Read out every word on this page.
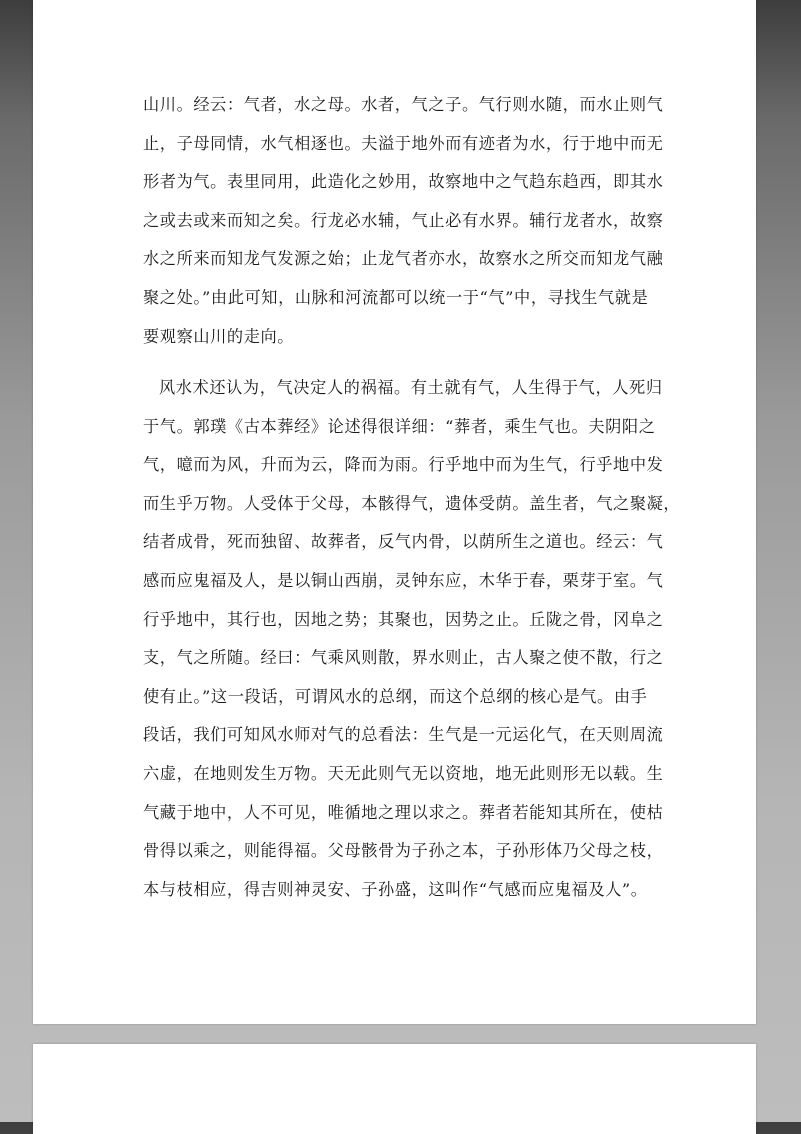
山川。经云：气者，水之母。水者，气之子。气行则水随，而水止则气
止，子母同情，水气相逐也。夫溢于地外而有迹者为水，行于地中而无
形者为气。表里同用，此造化之妙用，故察地中之气趋东趋西，即其水
之或去或来而知之矣。行龙必水辅，气止必有水界。辅行龙者水，故察
水之所来而知龙气发源之始；止龙气者亦水，故察水之所交而知龙气融
聚之处。”由此可知，山脉和河流都可以统一于“气”中，寻找生气就是
要观察山川的走向。
风水术还认为，气决定人的祸福。有土就有气，人生得于气，人死归
于气。郭璞《古本葬经》论述得很详细：“葬者，乘生气也。夫阴阳之
气，噫而为风，升而为云，降而为雨。行乎地中而为生气，行乎地中发
而生乎万物。人受体于父母，本骸得气，遗体受荫。盖生者，气之聚凝，
结者成骨，死而独留、故葬者，反气内骨，以荫所生之道也。经云：气
感而应鬼福及人，是以铜山西崩，灵钟东应，木华于春，栗芽于室。气
行乎地中，其行也，因地之势；其聚也，因势之止。丘陇之骨，冈阜之
支，气之所随。经曰：气乘风则散，界水则止，古人聚之使不散，行之
使有止。”这一段话，可谓风水的总纲，而这个总纲的核心是气。由手
段话，我们可知风水师对气的总看法：生气是一元运化气，在天则周流
六虚，在地则发生万物。天无此则气无以资地，地无此则形无以载。生
气藏于地中，人不可见，唯循地之理以求之。葬者若能知其所在，使枯
骨得以乘之，则能得福。父母骸骨为子孙之本，子孙形体乃父母之枝，
本与枝相应，得吉则神灵安、子孙盛，这叫作“气感而应鬼福及人”。
